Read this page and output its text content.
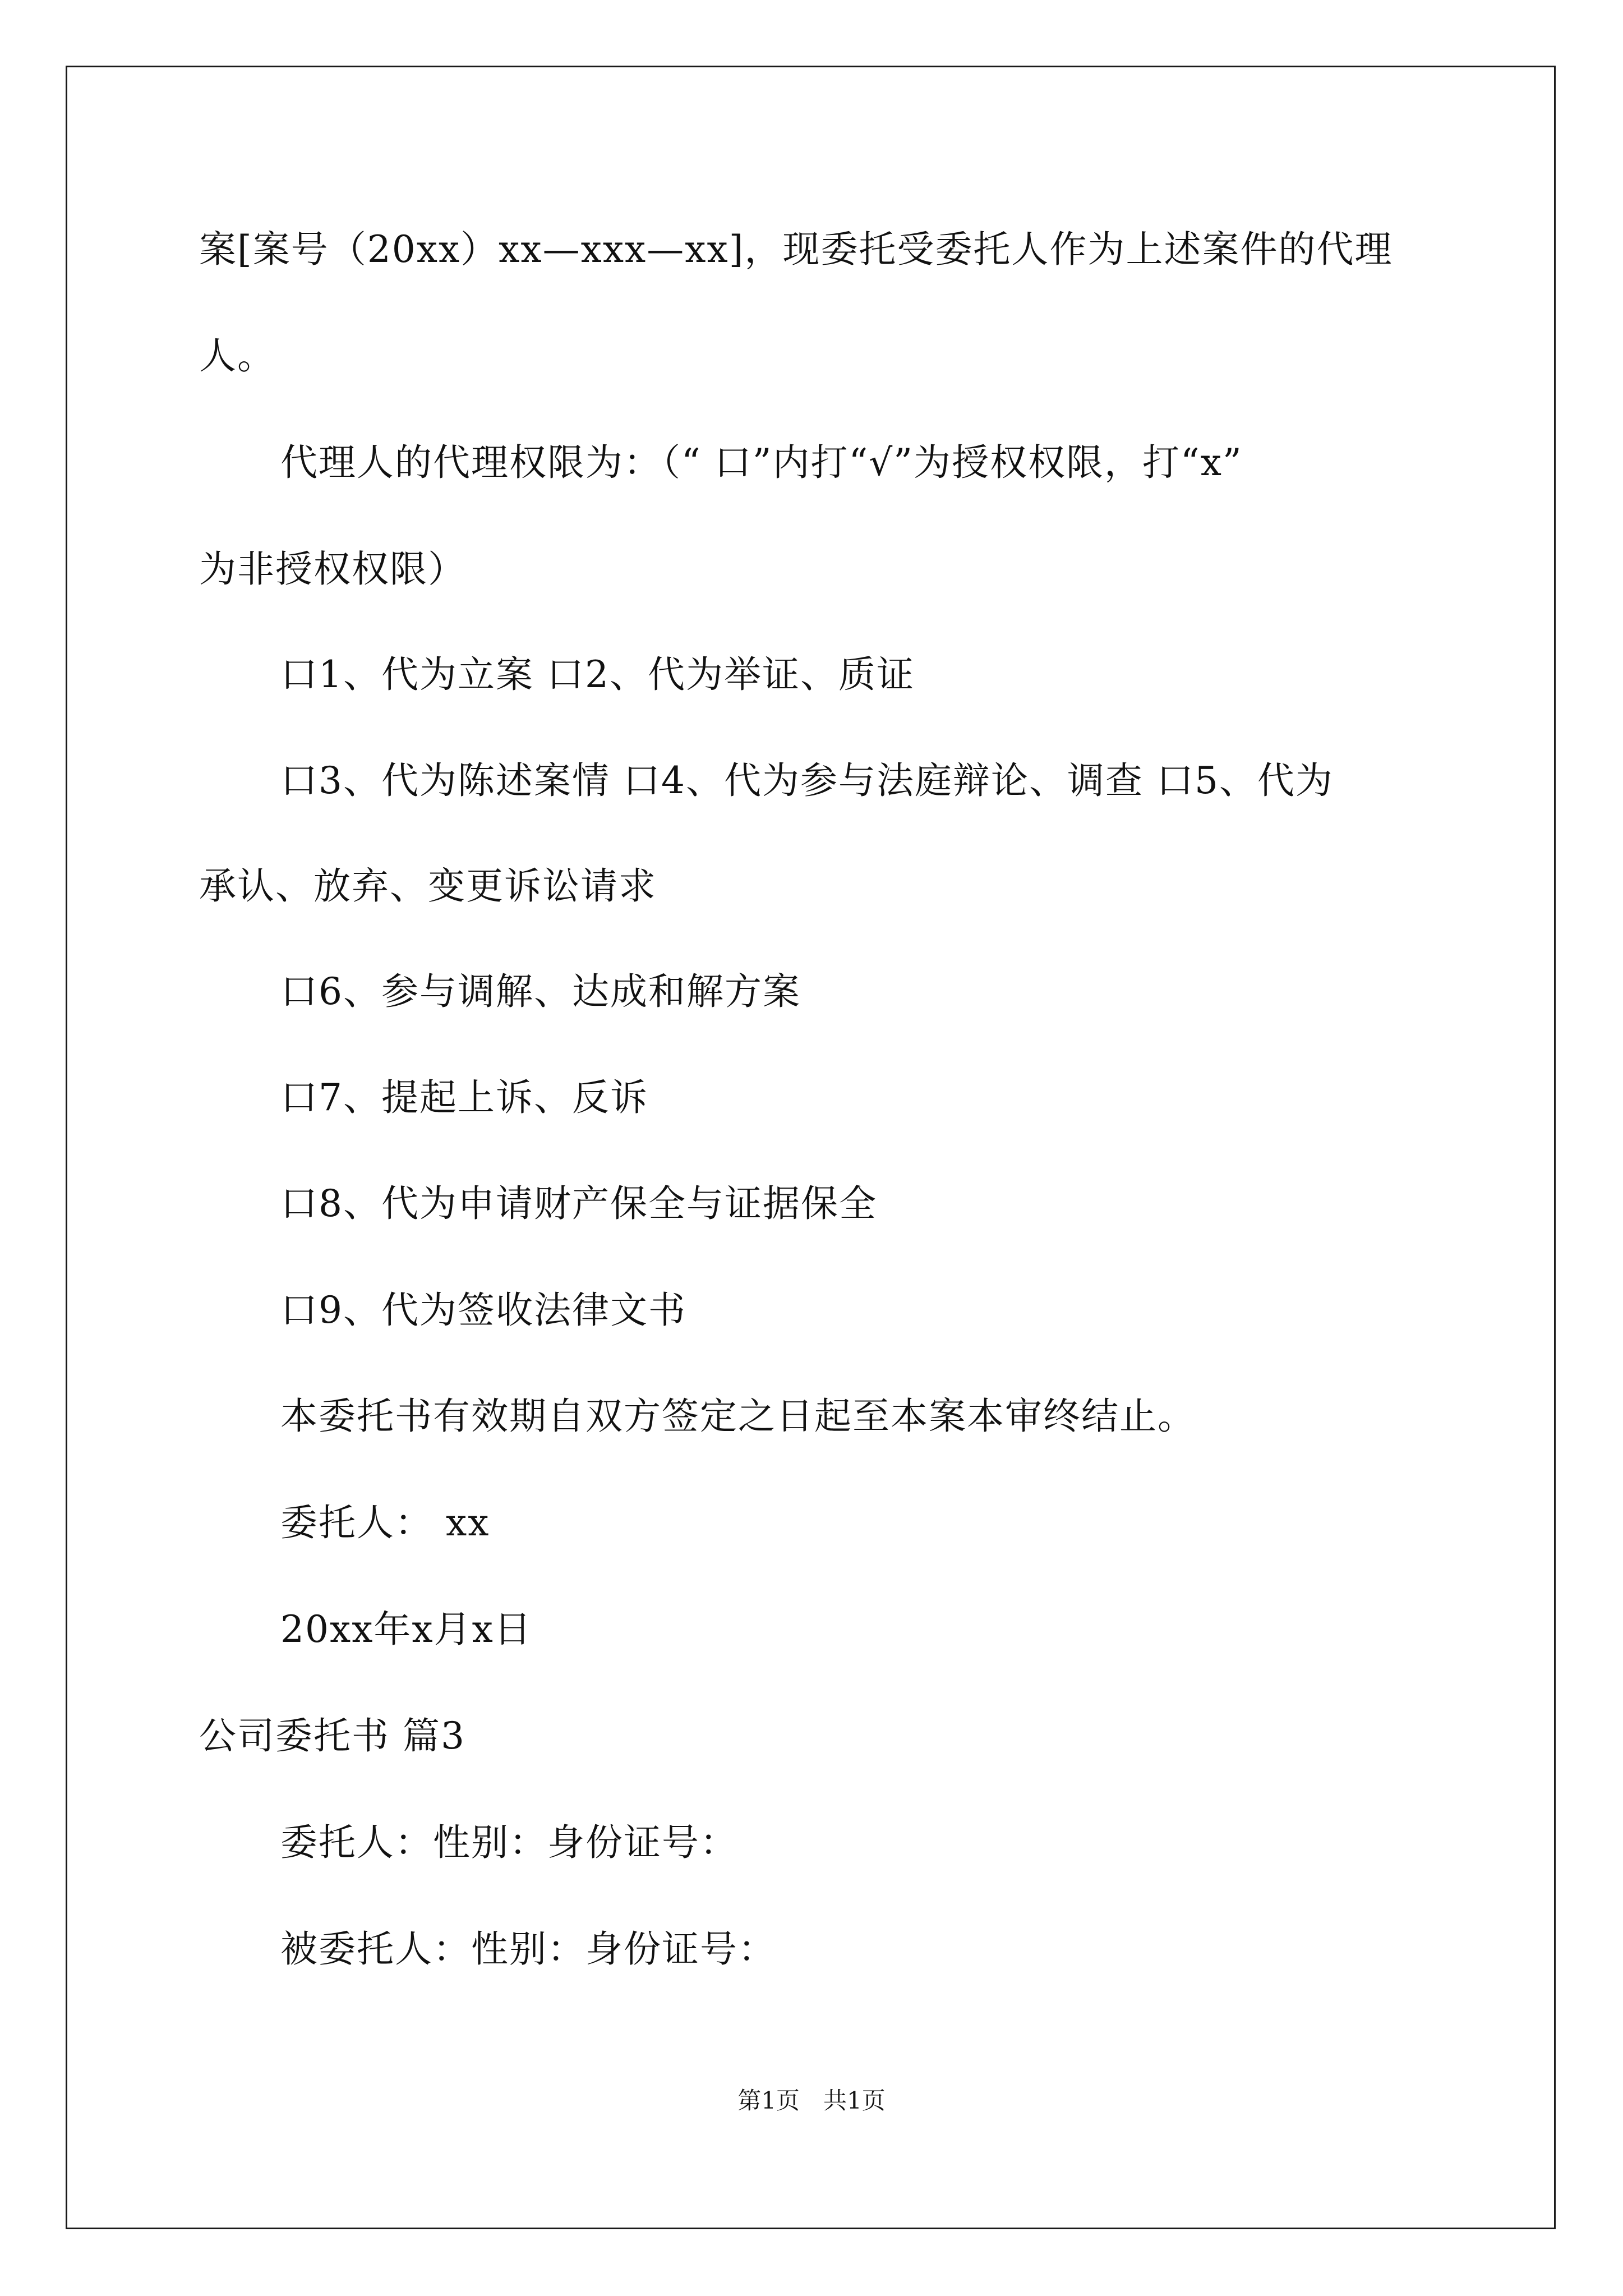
案[案号（20xx）xx—xxx—xx]，现委托受委托人作为上述案件的代理
人。
代理人的代理权限为：（“ 口”内打“√”为授权权限，打“x”
为非授权权限）
口1、代为立案 口2、代为举证、质证
口3、代为陈述案情 口4、代为参与法庭辩论、调查 口5、代为
承认、放弃、变更诉讼请求
口6、参与调解、达成和解方案
口7、提起上诉、反诉
口8、代为申请财产保全与证据保全
口9、代为签收法律文书
本委托书有效期自双方签定之日起至本案本审终结止。
委托人： xx
20xx年x月x日
公司委托书 篇3
委托人：性别：身份证号：
被委托人：性别：身份证号：
第1页　共1页
